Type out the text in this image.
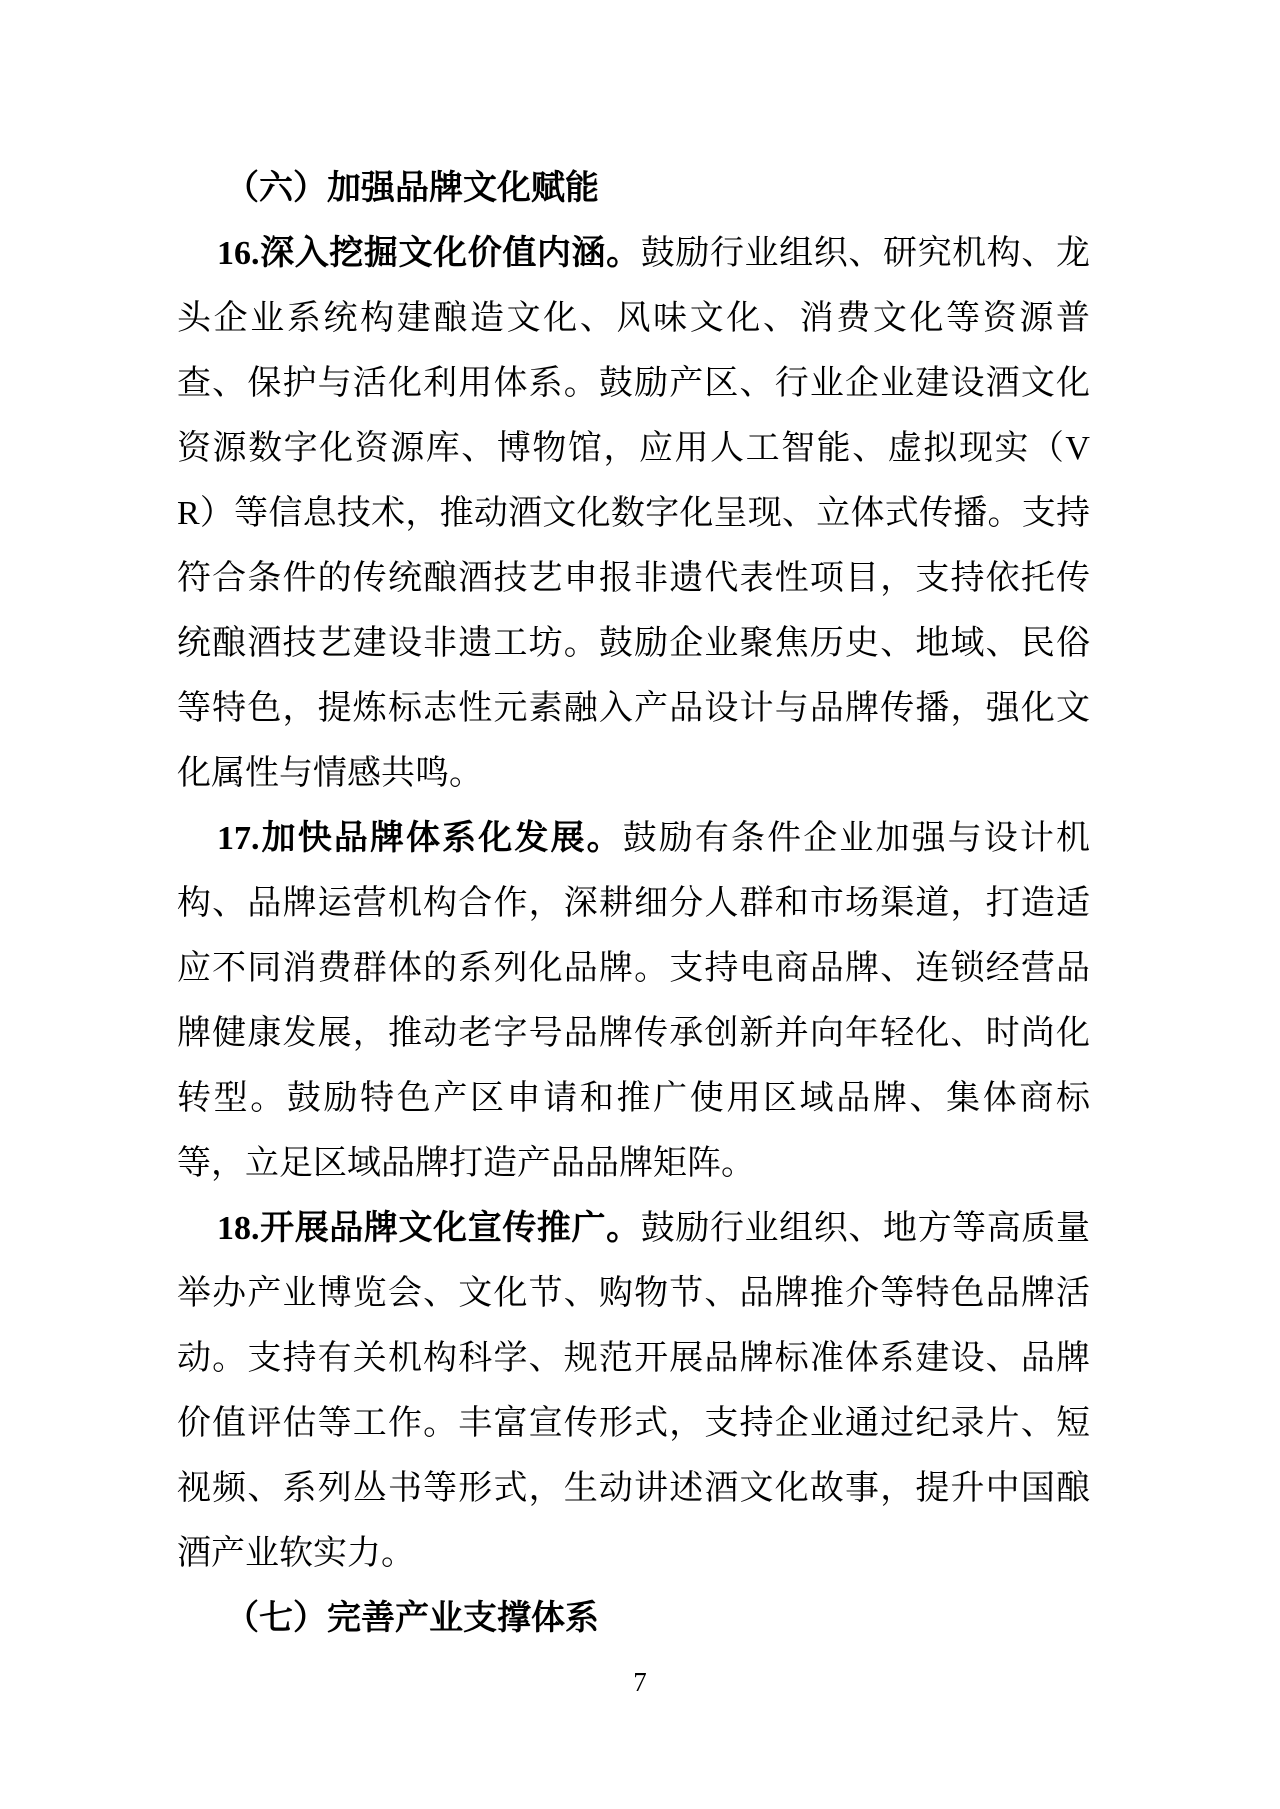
（六）加强品牌文化赋能

16.深入挖掘文化价值内涵。鼓励行业组织、研究机构、龙头企业系统构建酿造文化、风味文化、消费文化等资源普查、保护与活化利用体系。鼓励产区、行业企业建设酒文化资源数字化资源库、博物馆，应用人工智能、虚拟现实（VR）等信息技术，推动酒文化数字化呈现、立体式传播。支持符合条件的传统酿酒技艺申报非遗代表性项目，支持依托传统酿酒技艺建设非遗工坊。鼓励企业聚焦历史、地域、民俗等特色，提炼标志性元素融入产品设计与品牌传播，强化文化属性与情感共鸣。

17.加快品牌体系化发展。鼓励有条件企业加强与设计机构、品牌运营机构合作，深耕细分人群和市场渠道，打造适应不同消费群体的系列化品牌。支持电商品牌、连锁经营品牌健康发展，推动老字号品牌传承创新并向年轻化、时尚化转型。鼓励特色产区申请和推广使用区域品牌、集体商标等，立足区域品牌打造产品品牌矩阵。

18.开展品牌文化宣传推广。鼓励行业组织、地方等高质量举办产业博览会、文化节、购物节、品牌推介等特色品牌活动。支持有关机构科学、规范开展品牌标准体系建设、品牌价值评估等工作。丰富宣传形式，支持企业通过纪录片、短视频、系列丛书等形式，生动讲述酒文化故事，提升中国酿酒产业软实力。

（七）完善产业支撑体系

7
